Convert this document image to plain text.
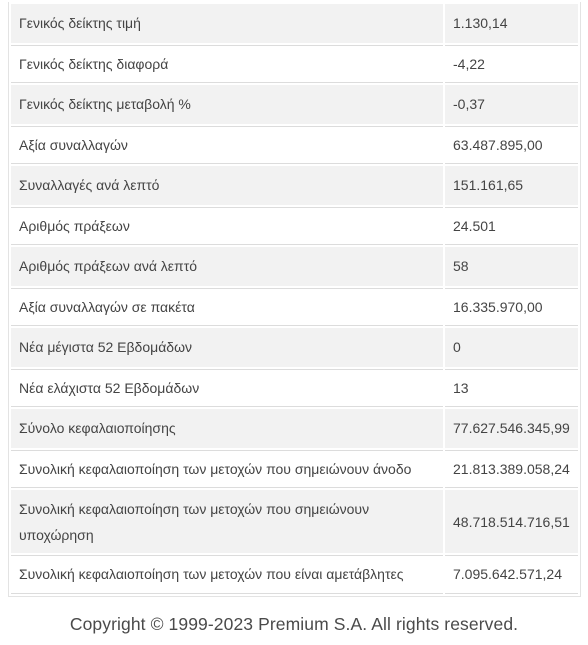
Γενικός δείκτης τιμή	1.130,14
Γενικός δείκτης διαφορά	-4,22
Γενικός δείκτης μεταβολή %	-0,37
Αξία συναλλαγών	63.487.895,00
Συναλλαγές ανά λεπτό	151.161,65
Αριθμός πράξεων	24.501
Αριθμός πράξεων ανά λεπτό	58
Αξία συναλλαγών σε πακέτα	16.335.970,00
Νέα μέγιστα 52 Εβδομάδων	0
Νέα ελάχιστα 52 Εβδομάδων	13
Σύνολο κεφαλαιοποίησης	77.627.546.345,99
Συνολική κεφαλαιοποίηση των μετοχών που σημειώνουν άνοδο	21.813.389.058,24
Συνολική κεφαλαιοποίηση των μετοχών που σημειώνουν υποχώρηση	48.718.514.716,51
Συνολική κεφαλαιοποίηση των μετοχών που είναι αμετάβλητες	7.095.642.571,24
Copyright © 1999-2023 Premium S.A. All rights reserved.
